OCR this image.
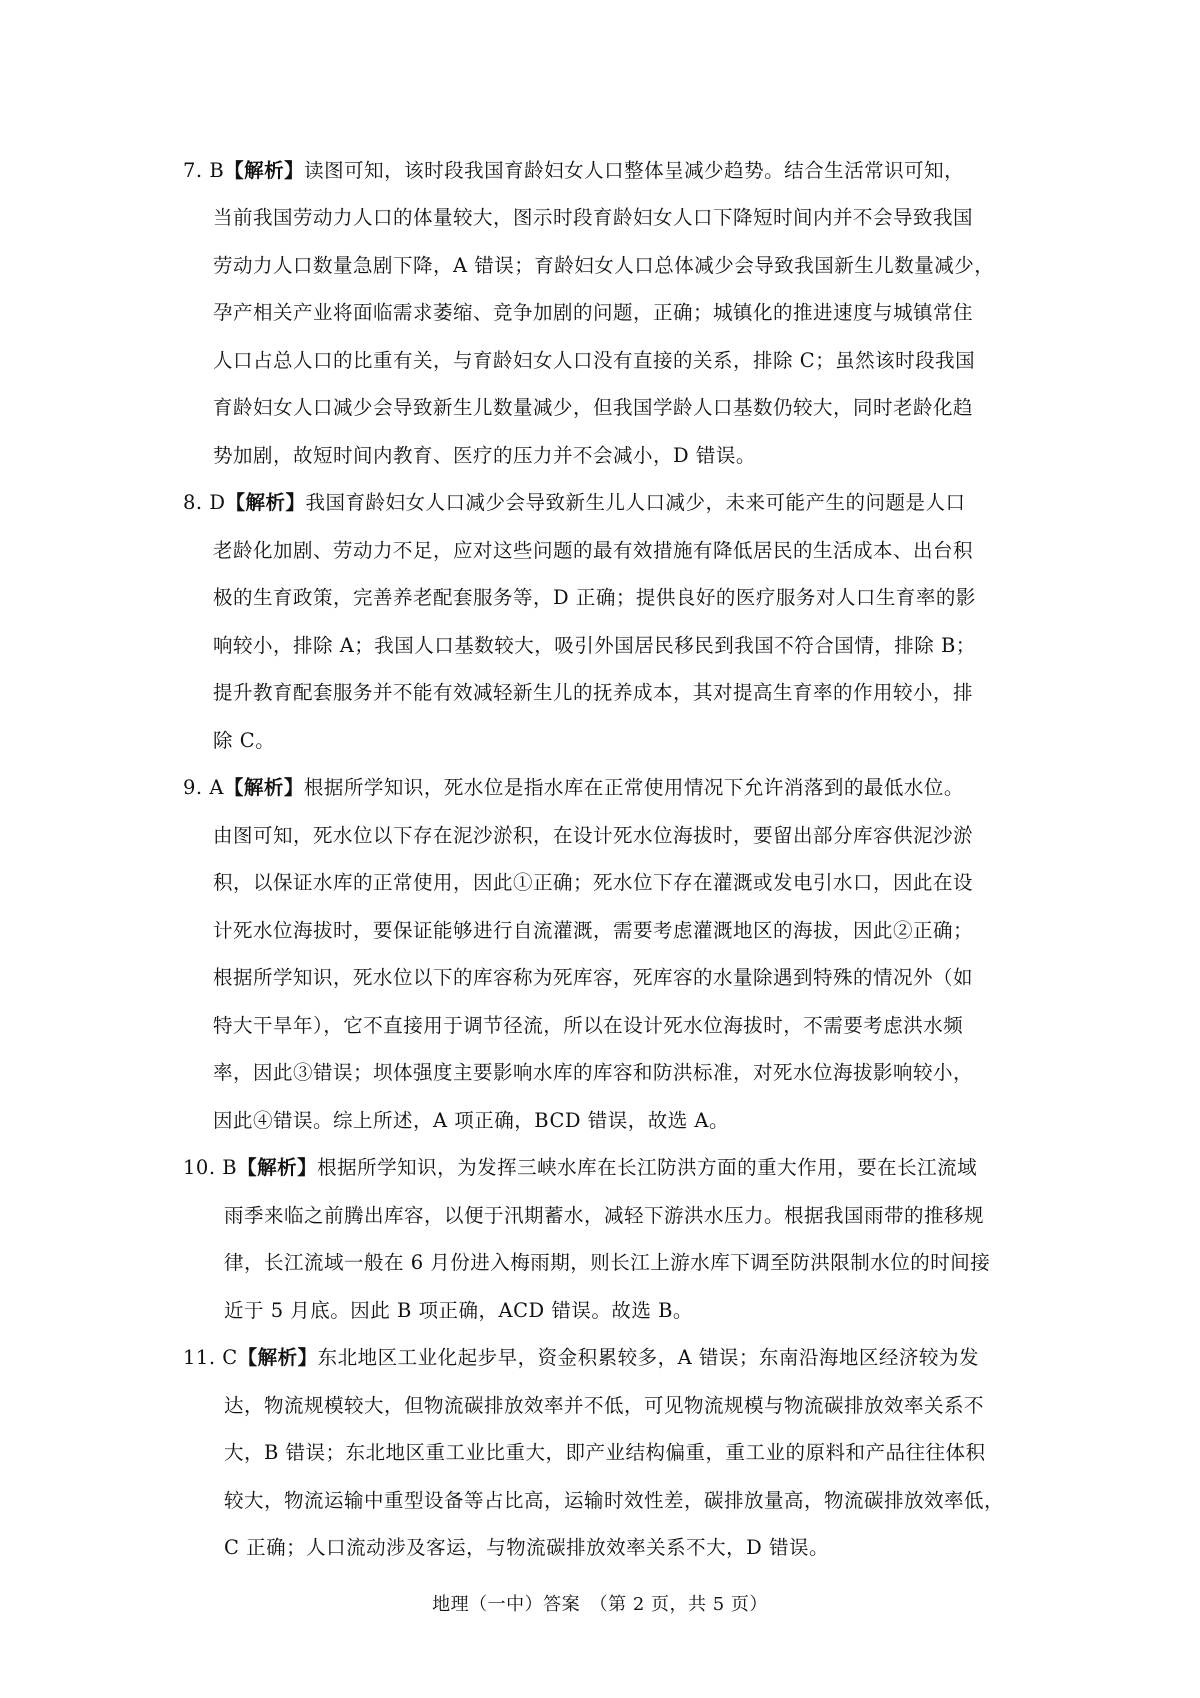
7. B【解析】读图可知，该时段我国育龄妇女人口整体呈减少趋势。结合生活常识可知，
当前我国劳动力人口的体量较大，图示时段育龄妇女人口下降短时间内并不会导致我国
劳动力人口数量急剧下降，A 错误；育龄妇女人口总体减少会导致我国新生儿数量减少，
孕产相关产业将面临需求萎缩、竞争加剧的问题，正确；城镇化的推进速度与城镇常住
人口占总人口的比重有关，与育龄妇女人口没有直接的关系，排除 C；虽然该时段我国
育龄妇女人口减少会导致新生儿数量减少，但我国学龄人口基数仍较大，同时老龄化趋
势加剧，故短时间内教育、医疗的压力并不会减小，D 错误。
8. D【解析】我国育龄妇女人口减少会导致新生儿人口减少，未来可能产生的问题是人口
老龄化加剧、劳动力不足，应对这些问题的最有效措施有降低居民的生活成本、出台积
极的生育政策，完善养老配套服务等，D 正确；提供良好的医疗服务对人口生育率的影
响较小，排除 A；我国人口基数较大，吸引外国居民移民到我国不符合国情，排除 B；
提升教育配套服务并不能有效减轻新生儿的抚养成本，其对提高生育率的作用较小，排
除 C。
9. A【解析】根据所学知识，死水位是指水库在正常使用情况下允许消落到的最低水位。
由图可知，死水位以下存在泥沙淤积，在设计死水位海拔时，要留出部分库容供泥沙淤
积，以保证水库的正常使用，因此①正确；死水位下存在灌溉或发电引水口，因此在设
计死水位海拔时，要保证能够进行自流灌溉，需要考虑灌溉地区的海拔，因此②正确；
根据所学知识，死水位以下的库容称为死库容，死库容的水量除遇到特殊的情况外（如
特大干旱年），它不直接用于调节径流，所以在设计死水位海拔时，不需要考虑洪水频
率，因此③错误；坝体强度主要影响水库的库容和防洪标准，对死水位海拔影响较小，
因此④错误。综上所述，A 项正确，BCD 错误，故选 A。
10. B【解析】根据所学知识，为发挥三峡水库在长江防洪方面的重大作用，要在长江流域
雨季来临之前腾出库容，以便于汛期蓄水，减轻下游洪水压力。根据我国雨带的推移规
律，长江流域一般在 6 月份进入梅雨期，则长江上游水库下调至防洪限制水位的时间接
近于 5 月底。因此 B 项正确，ACD 错误。故选 B。
11. C【解析】东北地区工业化起步早，资金积累较多，A 错误；东南沿海地区经济较为发
达，物流规模较大，但物流碳排放效率并不低，可见物流规模与物流碳排放效率关系不
大，B 错误；东北地区重工业比重大，即产业结构偏重，重工业的原料和产品往往体积
较大，物流运输中重型设备等占比高，运输时效性差，碳排放量高，物流碳排放效率低，
C 正确；人口流动涉及客运，与物流碳排放效率关系不大，D 错误。
地理（一中）答案　（第 2 页，共 5 页）
